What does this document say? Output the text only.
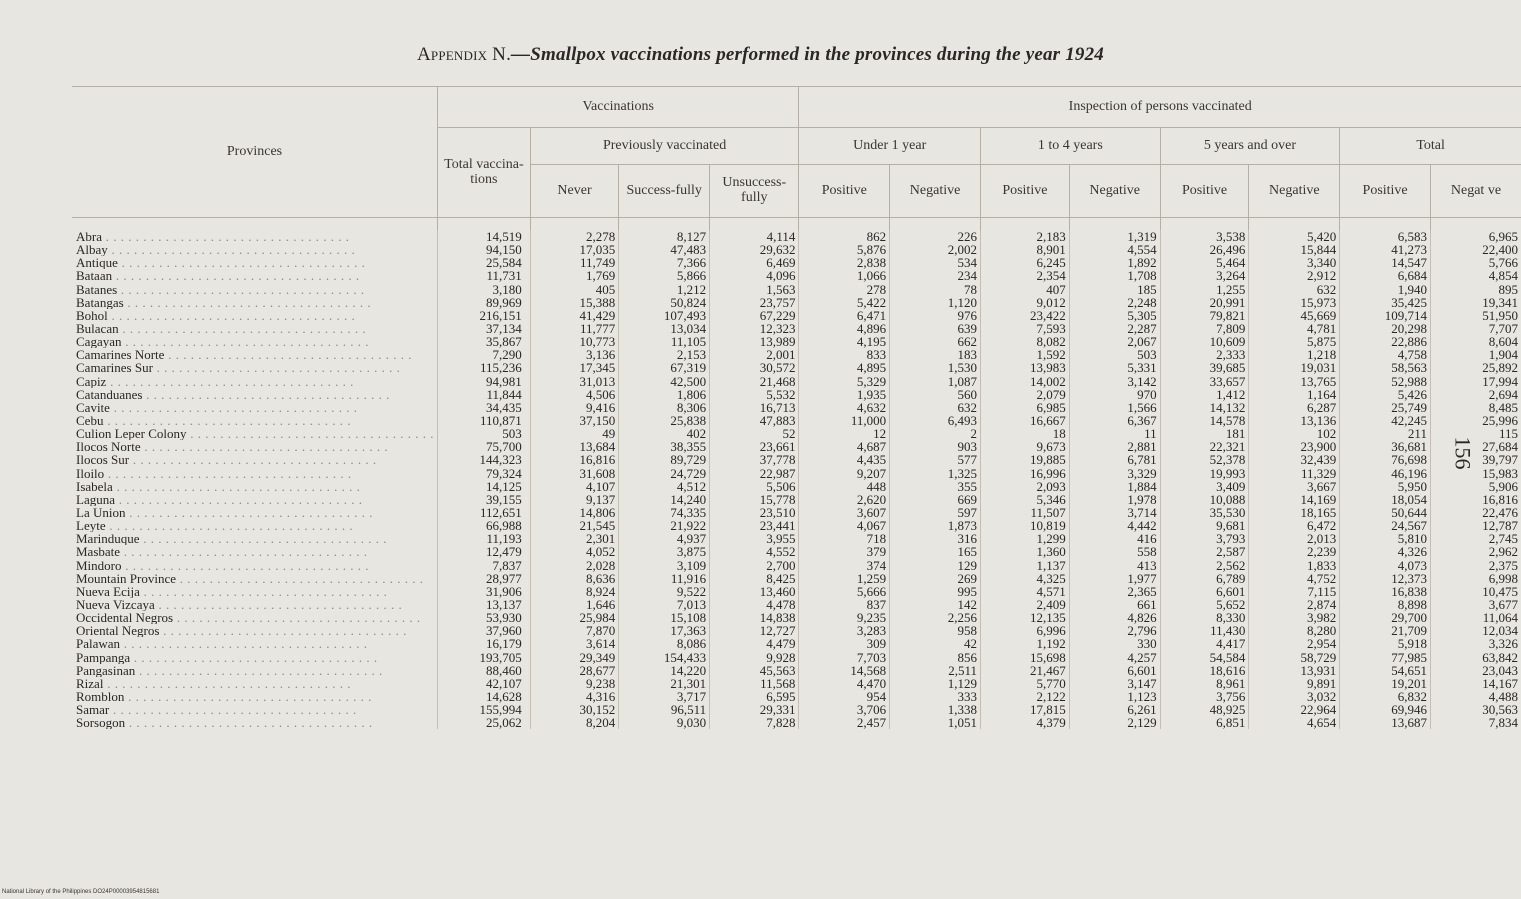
Appendix N.—Smallpox vaccinations performed in the provinces during the year 1924
Provinces	Vaccinations				Inspection of persons vaccinated							
	Total vaccina-tions	Previously vaccinated			Under 1 year		1 to 4 years		5 years and over		Total	
		Never	Success-fully	Unsuccess-fully	Positive	Negative	Positive	Negative	Positive	Negative	Positive	Negat ve

Abra . . .	14,519	2,278	8,127	4,114	862	226	2,183	1,319	3,538	5,420	6,583	6,965
Albay . . .	94,150	17,035	47,483	29,632	5,876	2,002	8,901	4,554	26,496	15,844	41,273	22,400
Antique . . .	25,584	11,749	7,366	6,469	2,838	534	6,245	1,892	5,464	3,340	14,547	5,766
Bataan . . .	11,731	1,769	5,866	4,096	1,066	234	2,354	1,708	3,264	2,912	6,684	4,854
Batanes . . .	3,180	405	1,212	1,563	278	78	407	185	1,255	632	1,940	895
Batangas . . .	89,969	15,388	50,824	23,757	5,422	1,120	9,012	2,248	20,991	15,973	35,425	19,341
Bohol . . .	216,151	41,429	107,493	67,229	6,471	976	23,422	5,305	79,821	45,669	109,714	51,950
Bulacan . . .	37,134	11,777	13,034	12,323	4,896	639	7,593	2,287	7,809	4,781	20,298	7,707
Cagayan . . .	35,867	10,773	11,105	13,989	4,195	662	8,082	2,067	10,609	5,875	22,886	8,604
Camarines Norte . . .	7,290	3,136	2,153	2,001	833	183	1,592	503	2,333	1,218	4,758	1,904
Camarines Sur . . .	115,236	17,345	67,319	30,572	4,895	1,530	13,983	5,331	39,685	19,031	58,563	25,892
Capiz . . .	94,981	31,013	42,500	21,468	5,329	1,087	14,002	3,142	33,657	13,765	52,988	17,994
Catanduanes . . .	11,844	4,506	1,806	5,532	1,935	560	2,079	970	1,412	1,164	5,426	2,694
Cavite . . .	34,435	9,416	8,306	16,713	4,632	632	6,985	1,566	14,132	6,287	25,749	8,485
Cebu . . .	110,871	37,150	25,838	47,883	11,000	6,493	16,667	6,367	14,578	13,136	42,245	25,996
Culion Leper Colony . . .	503	49	402	52	12	2	18	11	181	102	211	115
Ilocos Norte . . .	75,700	13,684	38,355	23,661	4,687	903	9,673	2,881	22,321	23,900	36,681	27,684
Ilocos Sur . . .	144,323	16,816	89,729	37,778	4,435	577	19,885	6,781	52,378	32,439	76,698	39,797
Iloilo . . .	79,324	31,608	24,729	22,987	9,207	1,325	16,996	3,329	19,993	11,329	46,196	15,983
Isabela . . .	14,125	4,107	4,512	5,506	448	355	2,093	1,884	3,409	3,667	5,950	5,906
Laguna . . .	39,155	9,137	14,240	15,778	2,620	669	5,346	1,978	10,088	14,169	18,054	16,816
La Union . . .	112,651	14,806	74,335	23,510	3,607	597	11,507	3,714	35,530	18,165	50,644	22,476
Leyte . . .	66,988	21,545	21,922	23,441	4,067	1,873	10,819	4,442	9,681	6,472	24,567	12,787
Marinduque . . .	11,193	2,301	4,937	3,955	718	316	1,299	416	3,793	2,013	5,810	2,745
Masbate . . .	12,479	4,052	3,875	4,552	379	165	1,360	558	2,587	2,239	4,326	2,962
Mindoro . . .	7,837	2,028	3,109	2,700	374	129	1,137	413	2,562	1,833	4,073	2,375
Mountain Province . . .	28,977	8,636	11,916	8,425	1,259	269	4,325	1,977	6,789	4,752	12,373	6,998
Nueva Ecija . . .	31,906	8,924	9,522	13,460	5,666	995	4,571	2,365	6,601	7,115	16,838	10,475
Nueva Vizcaya . . .	13,137	1,646	7,013	4,478	837	142	2,409	661	5,652	2,874	8,898	3,677
Occidental Negros . . .	53,930	25,984	15,108	14,838	9,235	2,256	12,135	4,826	8,330	3,982	29,700	11,064
Oriental Negros . . .	37,960	7,870	17,363	12,727	3,283	958	6,996	2,796	11,430	8,280	21,709	12,034
Palawan . . .	16,179	3,614	8,086	4,479	309	42	1,192	330	4,417	2,954	5,918	3,326
Pampanga . . .	193,705	29,349	154,433	9,928	7,703	856	15,698	4,257	54,584	58,729	77,985	63,842
Pangasinan . . .	88,460	28,677	14,220	45,563	14,568	2,511	21,467	6,601	18,616	13,931	54,651	23,043
Rizal . . .	42,107	9,238	21,301	11,568	4,470	1,129	5,770	3,147	8,961	9,891	19,201	14,167
Romblon . . .	14,628	4,316	3,717	6,595	954	333	2,122	1,123	3,756	3,032	6,832	4,488
Samar . . .	155,994	30,152	96,511	29,331	3,706	1,338	17,815	6,261	48,925	22,964	69,946	30,563
Sorsogon . . .	25,062	8,204	9,030	7,828	2,457	1,051	4,379	2,129	6,851	4,654	13,687	7,834
156
National Library of the Philippines DO24P00003954815681
